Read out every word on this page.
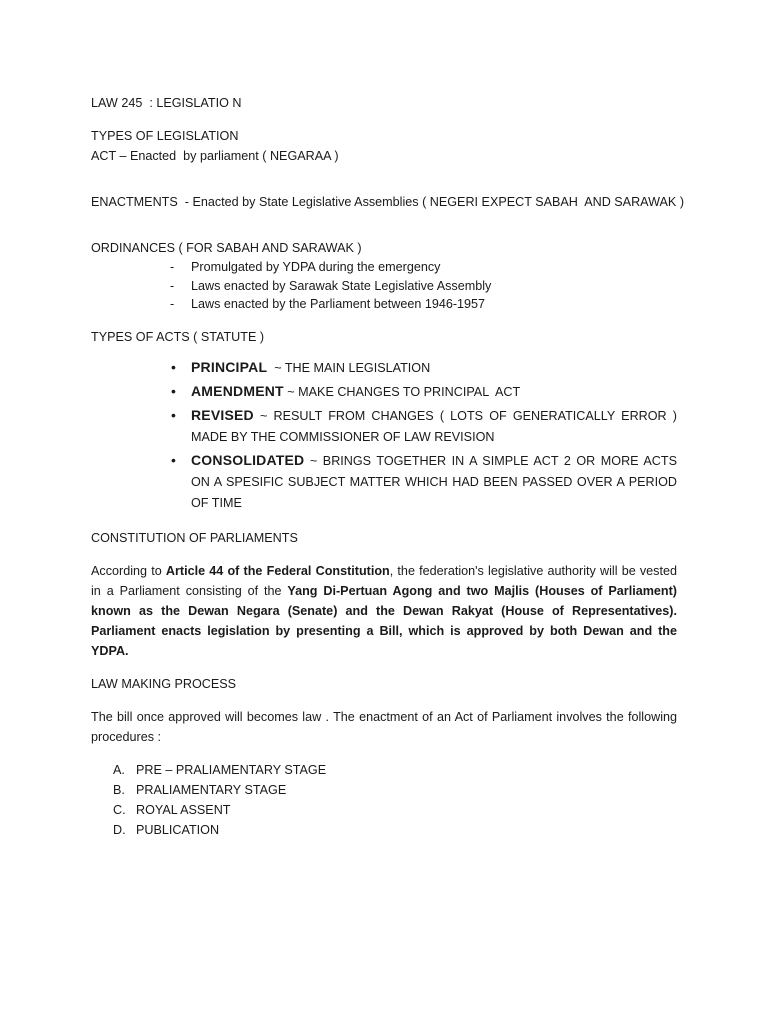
LAW 245  : LEGISLATIO N

TYPES OF LEGISLATION

ACT – Enacted  by parliament ( NEGARAA )

ENACTMENTS  - Enacted by State Legislative Assemblies ( NEGERI EXPECT SABAH  AND SARAWAK )

ORDINANCES ( FOR SABAH AND SARAWAK )

- Promulgated by YDPA during the emergency
- Laws enacted by Sarawak State Legislative Assembly
- Laws enacted by the Parliament between 1946-1957

TYPES OF ACTS ( STATUTE )

• PRINCIPAL  ~ THE MAIN LEGISLATION
• AMENDMENT ~ MAKE CHANGES TO PRINCIPAL  ACT
• REVISED ~ RESULT FROM CHANGES ( LOTS OF GENERATICALLY ERROR ) MADE BY THE COMMISSIONER OF LAW REVISION
• CONSOLIDATED ~ BRINGS TOGETHER IN A SIMPLE ACT 2 OR MORE ACTS ON A SPESIFIC SUBJECT MATTER WHICH HAD BEEN PASSED OVER A PERIOD OF TIME

CONSTITUTION OF PARLIAMENTS

According to Article 44 of the Federal Constitution, the federation's legislative authority will be vested in a Parliament consisting of the Yang Di-Pertuan Agong and two Majlis (Houses of Parliament) known as the Dewan Negara (Senate) and the Dewan Rakyat (House of Representatives). Parliament enacts legislation by presenting a Bill, which is approved by both Dewan and the YDPA.

LAW MAKING PROCESS

The bill once approved will becomes law . The enactment of an Act of Parliament involves the following procedures :

A. PRE – PRALIAMENTARY STAGE
B. PRALIAMENTARY STAGE
C. ROYAL ASSENT
D. PUBLICATION
